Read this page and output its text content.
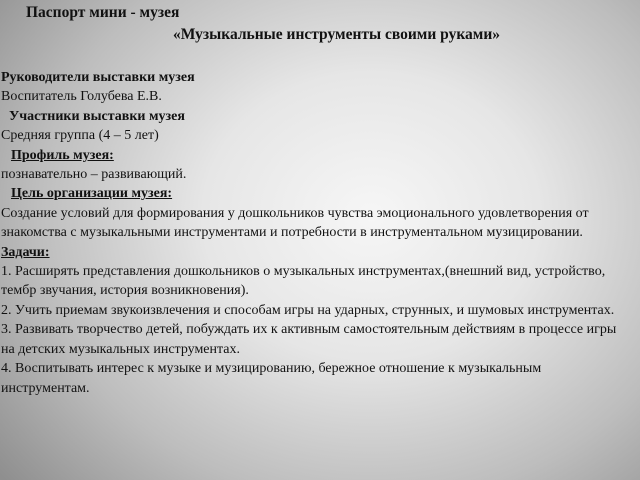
Паспорт мини - музея
«Музыкальные инструменты своими руками»

Руководители выставки музея

Воспитатель Голубева Е.В.

Участники выставки музея

Средняя группа (4 – 5 лет)

Профиль музея:

познавательно – развивающий.

Цель организации музея:

Создание условий для формирования у дошкольников чувства эмоционального удовлетворения от знакомства с музыкальными инструментами и потребности в инструментальном музицировании.

Задачи:

1. Расширять представления дошкольников о музыкальных инструментах,(внешний вид, устройство, тембр звучания, история возникновения).

2. Учить приемам звукоизвлечения и способам игры на ударных, струнных, и шумовых инструментах.

3. Развивать творчество детей, побуждать их к активным самостоятельным действиям в процессе игры на детских музыкальных инструментах.

4. Воспитывать интерес к музыке и музицированию, бережное отношение к музыкальным инструментам.
